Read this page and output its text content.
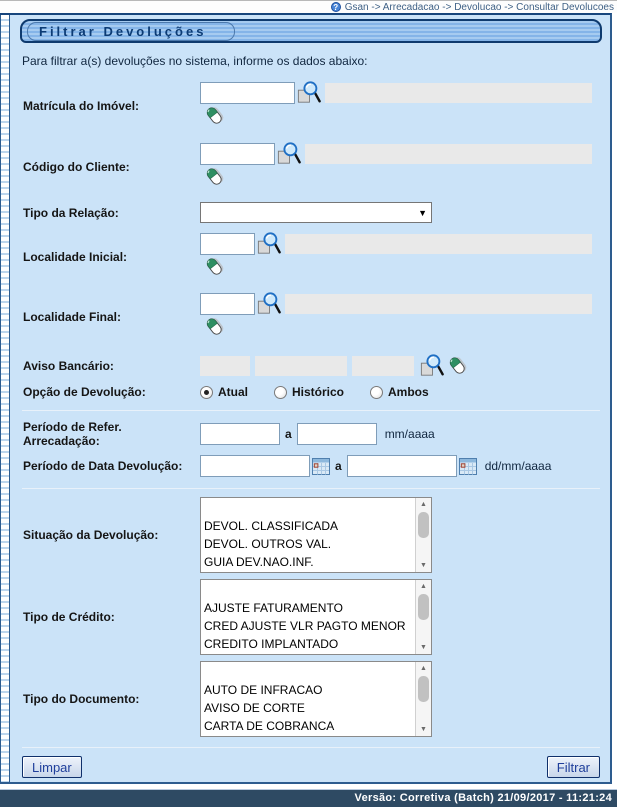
? Gsan -> Arrecadacao -> Devolucao -> Consultar Devolucoes
Filtrar Devoluções
Para filtrar a(s) devoluções no sistema, informe os dados abaixo:
Matrícula do Imóvel:
Código do Cliente:
Tipo da Relação:	▼
Localidade Inicial:
Localidade Final:
Aviso Bancário:
Opção de Devolução:	Atual	Histórico	Ambos
Período de Refer. Arrecadação:	a	mm/aaaa
Período de Data Devolução:	a	dd/mm/aaaa
Situação da Devolução:
DEVOL. CLASSIFICADA
DEVOL. OUTROS VAL.
GUIA DEV.NAO.INF.
▲
▼
Tipo de Crédito:
AJUSTE FATURAMENTO
CRED AJUSTE VLR PAGTO MENOR
CREDITO IMPLANTADO
▲
▼
Tipo do Documento:
AUTO DE INFRACAO
AVISO DE CORTE
CARTA DE COBRANCA
▲
▼
Limpar	Filtrar
Versão: Corretiva (Batch) 21/09/2017 - 11:21:24
